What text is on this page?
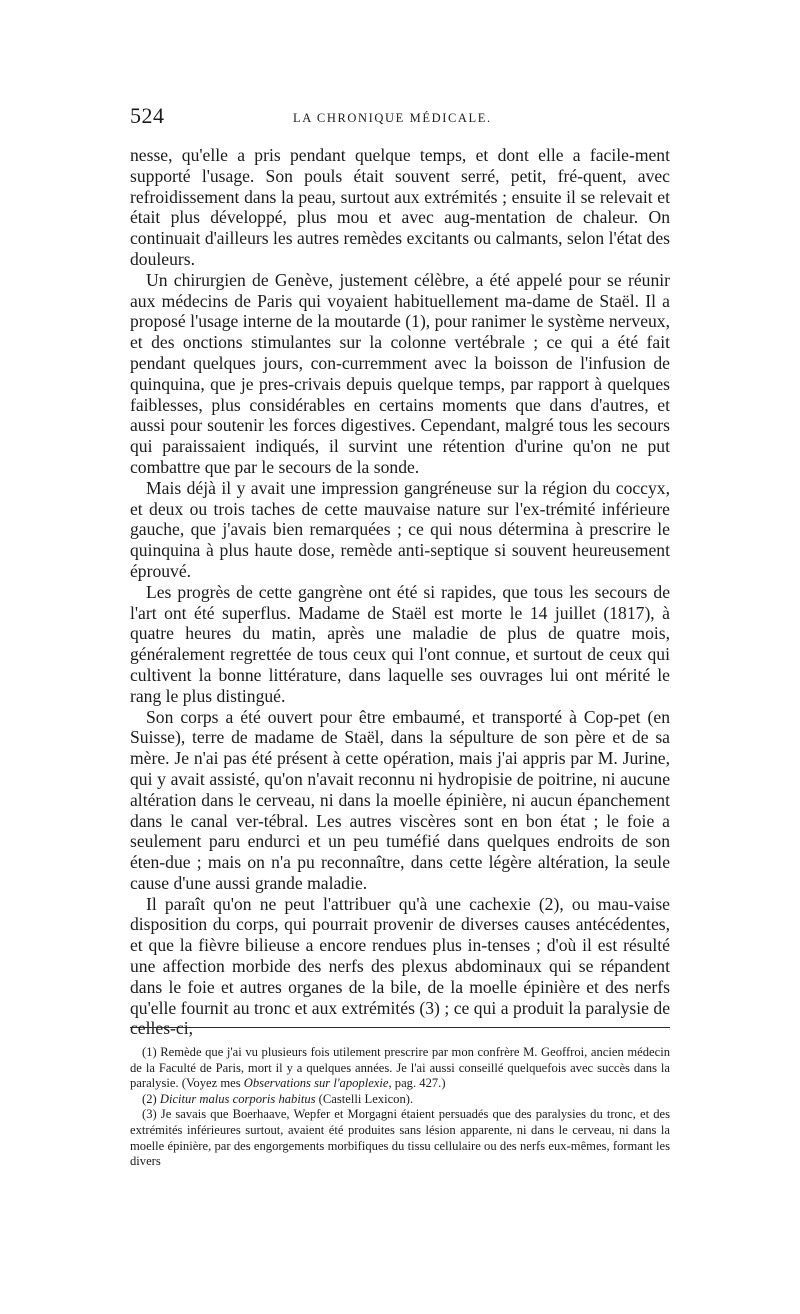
524	LA CHRONIQUE MÉDICALE.

nesse, qu'elle a pris pendant quelque temps, et dont elle a facile-ment supporté l'usage. Son pouls était souvent serré, petit, fré-quent, avec refroidissement dans la peau, surtout aux extrémités ; ensuite il se relevait et était plus développé, plus mou et avec aug-mentation de chaleur. On continuait d'ailleurs les autres remèdes excitants ou calmants, selon l'état des douleurs.

Un chirurgien de Genève, justement célèbre, a été appelé pour se réunir aux médecins de Paris qui voyaient habituellement ma-dame de Staël. Il a proposé l'usage interne de la moutarde (1), pour ranimer le système nerveux, et des onctions stimulantes sur la colonne vertébrale ; ce qui a été fait pendant quelques jours, con-curremment avec la boisson de l'infusion de quinquina, que je pres-crivais depuis quelque temps, par rapport à quelques faiblesses, plus considérables en certains moments que dans d'autres, et aussi pour soutenir les forces digestives. Cependant, malgré tous les secours qui paraissaient indiqués, il survint une rétention d'urine qu'on ne put combattre que par le secours de la sonde.

Mais déjà il y avait une impression gangréneuse sur la région du coccyx, et deux ou trois taches de cette mauvaise nature sur l'ex-trémité inférieure gauche, que j'avais bien remarquées ; ce qui nous détermina à prescrire le quinquina à plus haute dose, remède anti-septique si souvent heureusement éprouvé.

Les progrès de cette gangrène ont été si rapides, que tous les secours de l'art ont été superflus. Madame de Staël est morte le 14 juillet (1817), à quatre heures du matin, après une maladie de plus de quatre mois, généralement regrettée de tous ceux qui l'ont connue, et surtout de ceux qui cultivent la bonne littérature, dans laquelle ses ouvrages lui ont mérité le rang le plus distingué.

Son corps a été ouvert pour être embaumé, et transporté à Cop-pet (en Suisse), terre de madame de Staël, dans la sépulture de son père et de sa mère. Je n'ai pas été présent à cette opération, mais j'ai appris par M. Jurine, qui y avait assisté, qu'on n'avait reconnu ni hydropisie de poitrine, ni aucune altération dans le cerveau, ni dans la moelle épinière, ni aucun épanchement dans le canal ver-tébral. Les autres viscères sont en bon état ; le foie a seulement paru endurci et un peu tuméfié dans quelques endroits de son éten-due ; mais on n'a pu reconnaître, dans cette légère altération, la seule cause d'une aussi grande maladie.

Il paraît qu'on ne peut l'attribuer qu'à une cachexie (2), ou mau-vaise disposition du corps, qui pourrait provenir de diverses causes antécédentes, et que la fièvre bilieuse a encore rendues plus in-tenses ; d'où il est résulté une affection morbide des nerfs des plexus abdominaux qui se répandent dans le foie et autres organes de la bile, de la moelle épinière et des nerfs qu'elle fournit au tronc et aux extrémités (3) ; ce qui a produit la paralysie de celles-ci,

(1) Remède que j'ai vu plusieurs fois utilement prescrire par mon confrère M. Geoffroi, ancien médecin de la Faculté de Paris, mort il y a quelques années. Je l'ai aussi conseillé quelquefois avec succès dans la paralysie. (Voyez mes Observations sur l'apoplexie, pag. 427.)

(2) Dicitur malus corporis habitus (Castelli Lexicon).

(3) Je savais que Boerhaave, Wepfer et Morgagni étaient persuadés que des paralysies du tronc, et des extrémités inférieures surtout, avaient été produites sans lésion apparente, ni dans le cerveau, ni dans la moelle épinière, par des engorgements morbifiques du tissu cellulaire ou des nerfs eux-mêmes, formant les divers
